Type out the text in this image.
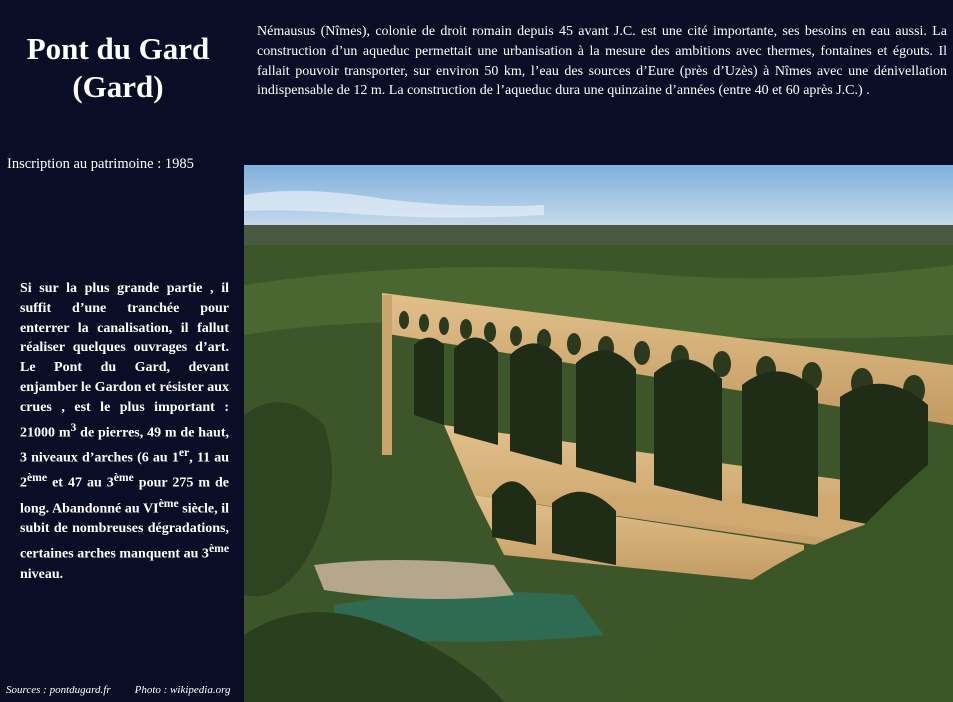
Pont du Gard
(Gard)
Inscription au patrimoine : 1985
Némausus (Nîmes), colonie de droit romain depuis 45 avant J.C. est une cité importante, ses besoins en eau aussi. La construction d’un aqueduc permettait une urbanisation à la mesure des ambitions avec thermes, fontaines et égouts. Il fallait pouvoir transporter, sur environ 50 km, l’eau des sources d’Eure (près d’Uzès) à Nîmes avec une dénivellation indispensable de 12 m. La construction de l’aqueduc dura une quinzaine d’années (entre 40 et 60 après J.C.) .
Si sur la plus grande partie , il suffit d’une tranchée pour enterrer la canalisation, il fallut réaliser quelques ouvrages d’art. Le Pont du Gard, devant enjamber le Gardon et résister aux crues , est le plus important : 21000 $m^3$ de pierres, 49 m de haut, 3 niveaux d’arches (6 au 1er, 11 au 2ème et 47 au 3ème pour 275 m de long. Abandonné au VIème siècle, il subit de nombreuses dégradations, certaines arches manquent au 3ème niveau.
Sources : pontdugard.fr Photo : wikipedia.org
